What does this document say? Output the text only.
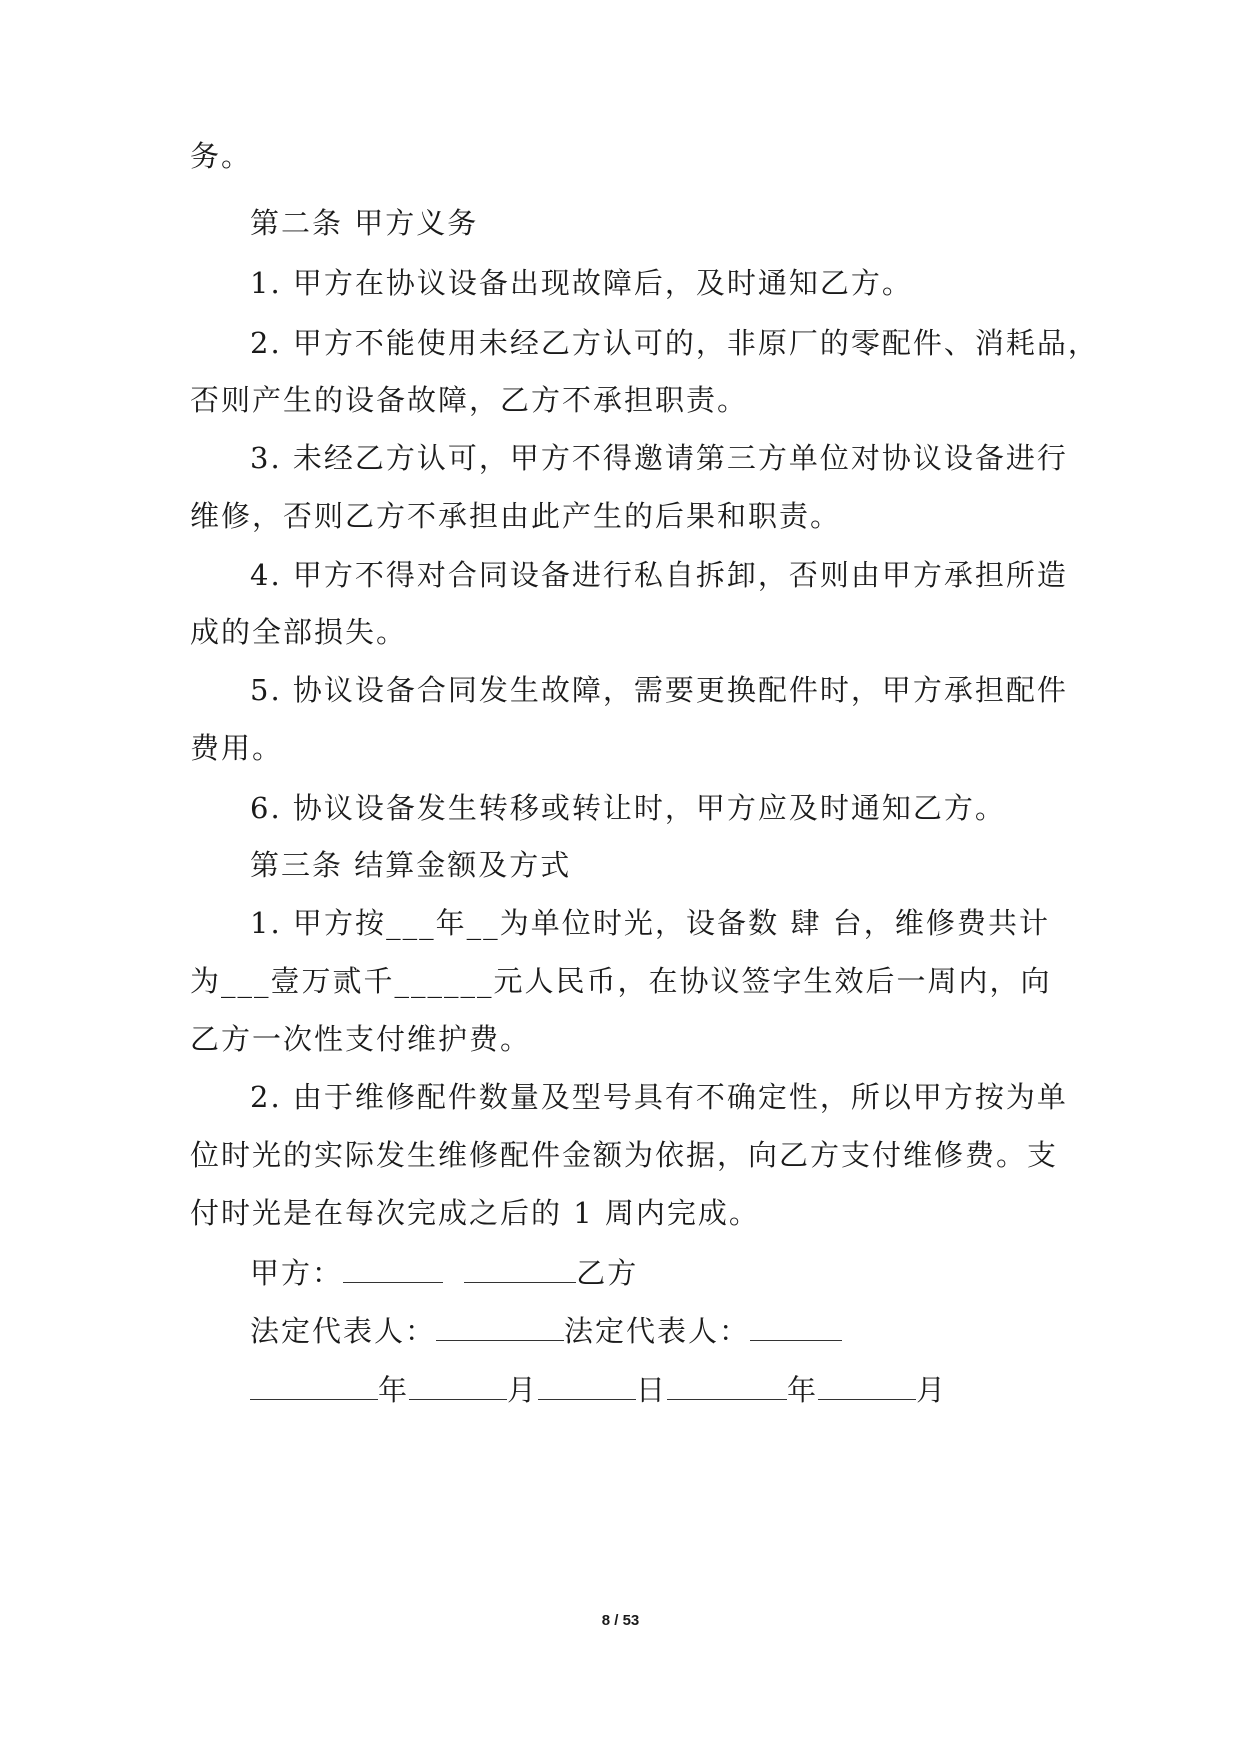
务。
第二条 甲方义务
1. 甲方在协议设备出现故障后，及时通知乙方。
2. 甲方不能使用未经乙方认可的，非原厂的零配件、消耗品，
否则产生的设备故障，乙方不承担职责。
3. 未经乙方认可，甲方不得邀请第三方单位对协议设备进行
维修，否则乙方不承担由此产生的后果和职责。
4. 甲方不得对合同设备进行私自拆卸，否则由甲方承担所造
成的全部损失。
5. 协议设备合同发生故障，需要更换配件时，甲方承担配件
费用。
6. 协议设备发生转移或转让时，甲方应及时通知乙方。
第三条 结算金额及方式
1. 甲方按___年__为单位时光，设备数 肆 台，维修费共计
为___壹万贰千______元人民币，在协议签字生效后一周内，向
乙方一次性支付维护费。
2. 由于维修配件数量及型号具有不确定性，所以甲方按为单
位时光的实际发生维修配件金额为依据，向乙方支付维修费。支
付时光是在每次完成之后的 1 周内完成。
甲方：	乙方
法定代表人：	法定代表人：
年	月	日	年	月
8 / 53
